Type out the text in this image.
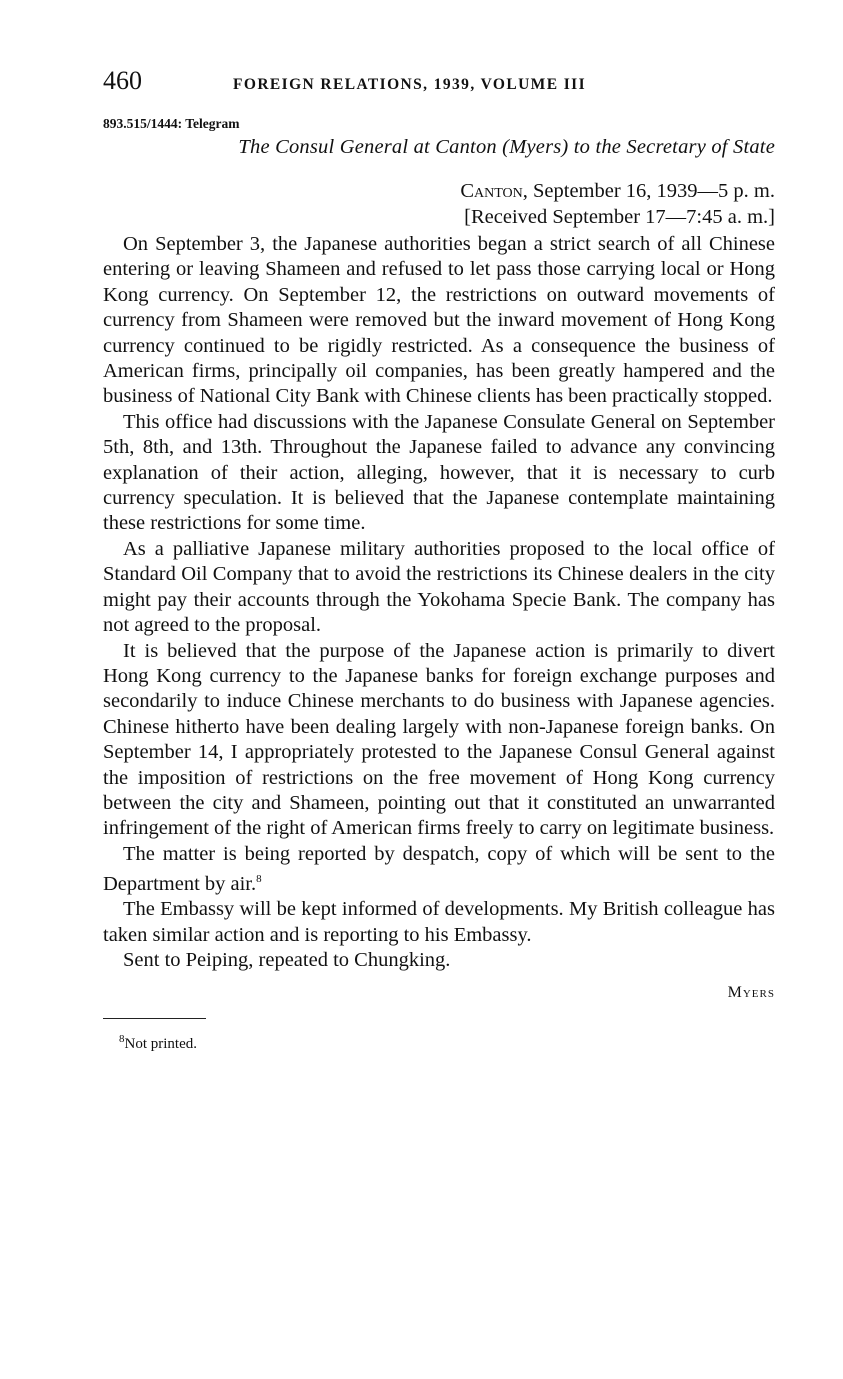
460	FOREIGN RELATIONS, 1939, VOLUME III
893.515/1444: Telegram
The Consul General at Canton (Myers) to the Secretary of State
Canton, September 16, 1939—5 p. m.
[Received September 17—7:45 a. m.]

On September 3, the Japanese authorities began a strict search of all Chinese entering or leaving Shameen and refused to let pass those carrying local or Hong Kong currency. On September 12, the restrictions on outward movements of currency from Shameen were removed but the inward movement of Hong Kong currency continued to be rigidly restricted. As a consequence the business of American firms, principally oil companies, has been greatly hampered and the business of National City Bank with Chinese clients has been practically stopped.

This office had discussions with the Japanese Consulate General on September 5th, 8th, and 13th. Throughout the Japanese failed to advance any convincing explanation of their action, alleging, however, that it is necessary to curb currency speculation. It is believed that the Japanese contemplate maintaining these restrictions for some time.

As a palliative Japanese military authorities proposed to the local office of Standard Oil Company that to avoid the restrictions its Chinese dealers in the city might pay their accounts through the Yokohama Specie Bank. The company has not agreed to the proposal.

It is believed that the purpose of the Japanese action is primarily to divert Hong Kong currency to the Japanese banks for foreign exchange purposes and secondarily to induce Chinese merchants to do business with Japanese agencies. Chinese hitherto have been dealing largely with non-Japanese foreign banks. On September 14, I appropriately protested to the Japanese Consul General against the imposition of restrictions on the free movement of Hong Kong currency between the city and Shameen, pointing out that it constituted an unwarranted infringement of the right of American firms freely to carry on legitimate business.

The matter is being reported by despatch, copy of which will be sent to the Department by air.$^8$

The Embassy will be kept informed of developments. My British colleague has taken similar action and is reporting to his Embassy.

Sent to Peiping, repeated to Chungking.

Myers
$^8$Not printed.
